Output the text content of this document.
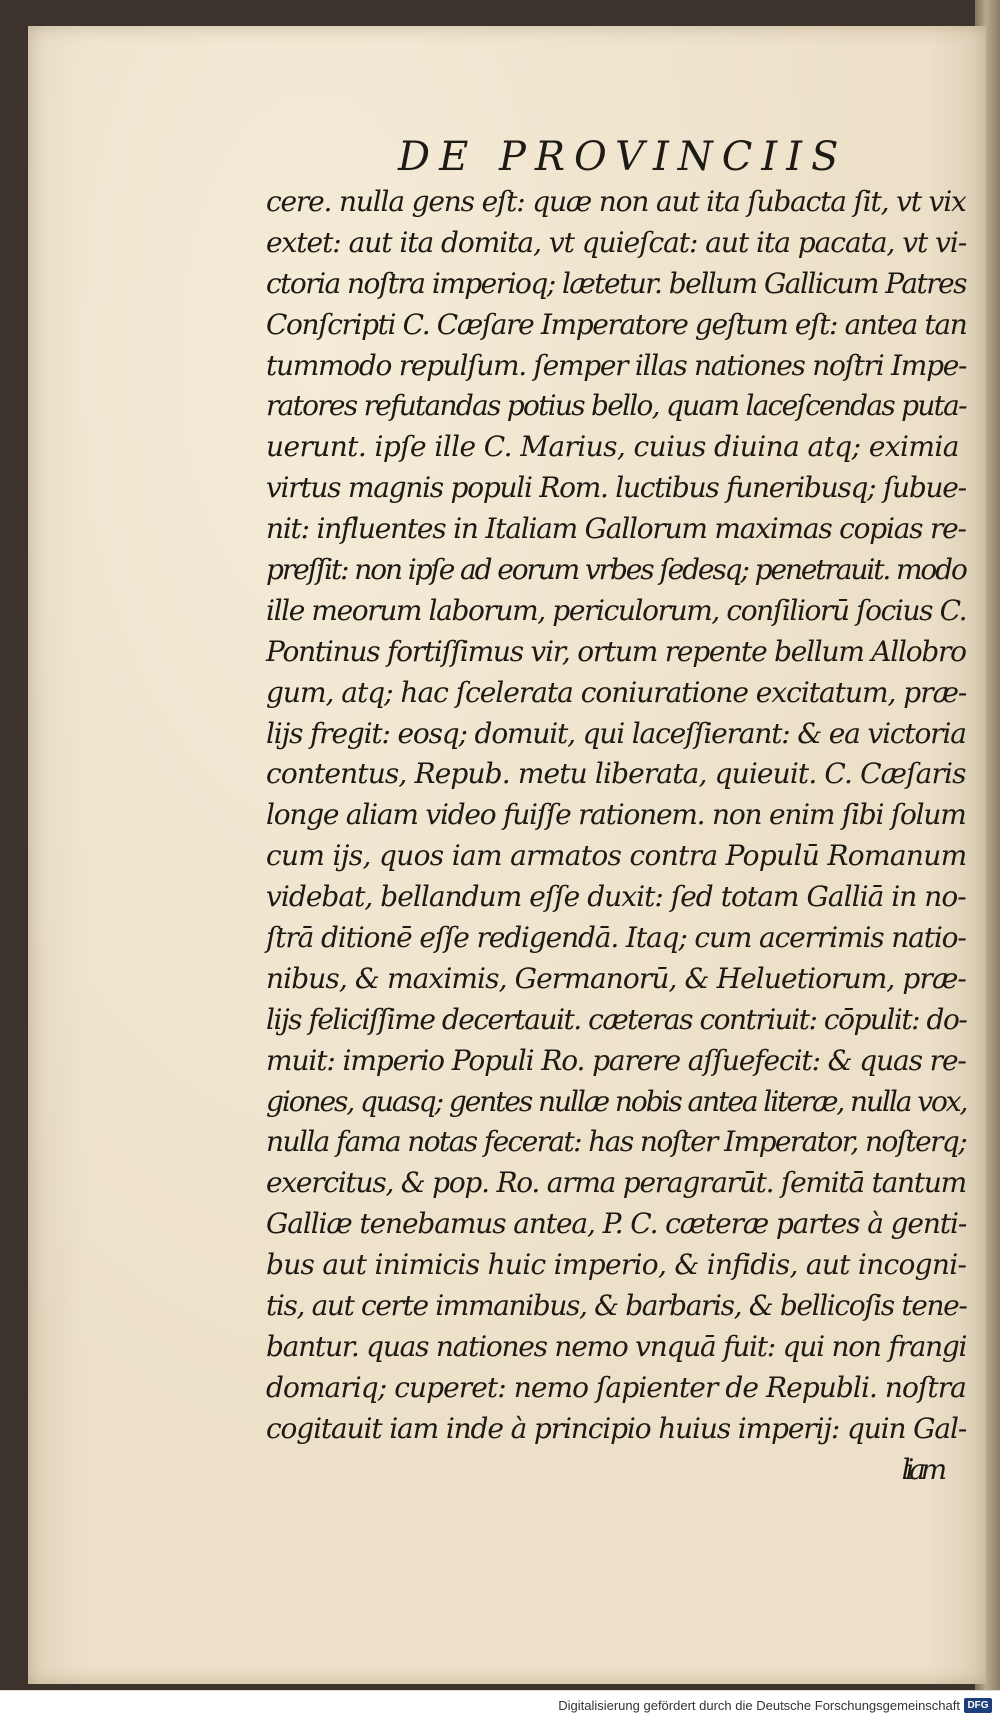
DE PROVINCIIS
cere. nulla gens eſt: quæ non aut ita ſubacta ſit, vt vix
extet: aut ita domita, vt quieſcat: aut ita pacata, vt vi-
ctoria noſtra imperioq; lætetur. bellum Gallicum Patres
Conſcripti C. Cæſare Imperatore geſtum eſt: antea tan
tummodo repulſum. ſemper illas nationes noſtri Impe-
ratores refutandas potius bello, quam laceſcendas puta-
uerunt. ipſe ille C. Marius, cuius diuina atq; eximia
virtus magnis populi Rom. luctibus funeribusq; ſubue-
nit: influentes in Italiam Gallorum maximas copias re-
preſſit: non ipſe ad eorum vrbes ſedesq; penetrauit. modo
ille meorum laborum, periculorum, conſiliorū ſocius C.
Pontinus fortiſſimus vir, ortum repente bellum Allobro
gum, atq; hac ſcelerata coniuratione excitatum, præ-
lijs fregit: eosq; domuit, qui laceſſierant: & ea victoria
contentus, Repub. metu liberata, quieuit. C. Cæſaris
longe aliam video fuiſſe rationem. non enim ſibi ſolum
cum ijs, quos iam armatos contra Populū Romanum
videbat, bellandum eſſe duxit: ſed totam Galliā in no-
ſtrā ditionē eſſe redigendā. Itaq; cum acerrimis natio-
nibus, & maximis, Germanorū, & Heluetiorum, præ-
lijs feliciſſime decertauit. cæteras contriuit: cōpulit: do-
muit: imperio Populi Ro. parere aſſuefecit: & quas re-
giones, quasq; gentes nullæ nobis antea literæ, nulla vox,
nulla fama notas fecerat: has noſter Imperator, noſterq;
exercitus, & pop. Ro. arma peragrarūt. ſemitā tantum
Galliæ tenebamus antea, P. C. cæteræ partes à genti-
bus aut inimicis huic imperio, & infidis, aut incogni-
tis, aut certe immanibus, & barbaris, & bellicoſis tene-
bantur. quas nationes nemo vnquā fuit: qui non frangi
domariq; cuperet: nemo ſapienter de Republi. noſtra
cogitauit iam inde à principio huius imperij: quin Gal-
liam
Digitalisierung gefördert durch die Deutsche Forschungsgemeinschaft DFG
